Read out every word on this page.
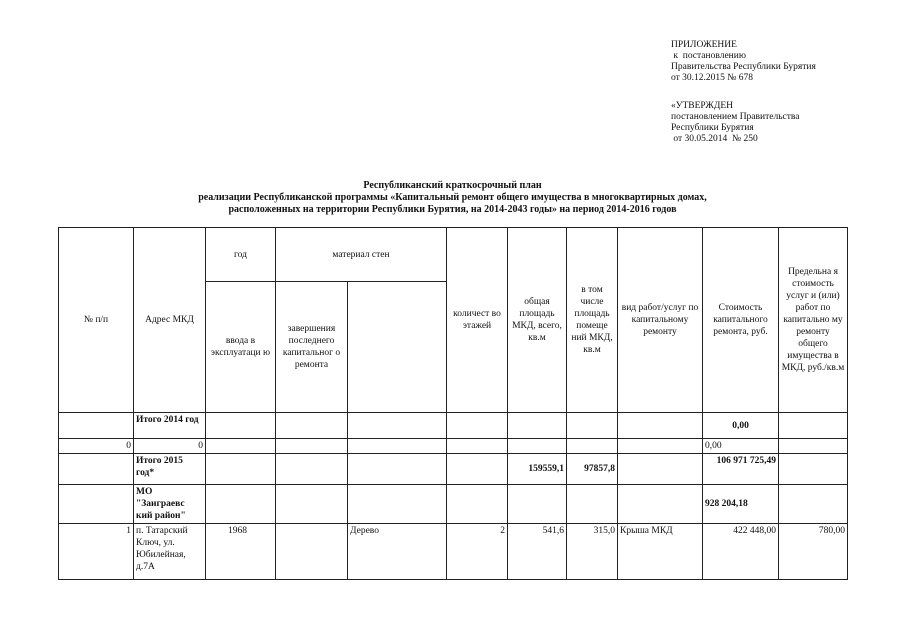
ПРИЛОЖЕНИЕ
к  постановлению
Правительства Республики Бурятия
от 30.12.2015 № 678
«УТВЕРЖДЕН
постановлением Правительства
Республики Бурятия
от 30.05.2014  № 250
Республиканский краткосрочный план
реализации Республиканской программы «Капитальный ремонт общего имущества в многоквартирных домах,
расположенных на территории Республики Бурятия, на 2014-2043 годы» на период 2014-2016 годов
№ п/п	Адрес МКД	год	материал стен		количест во этажей	общая площадь МКД, всего, кв.м	в том числе площадь помеще ний МКД, кв.м	вид работ/услуг по капитальному ремонту	Стоимость капитального ремонта, руб.	Предельна я стоимость услуг и (или) работ по капитально му ремонту общего имущества в МКД, руб./кв.м
		ввода в эксплуатаци ю	завершения последнего капитальног о ремонта							
	Итого 2014 год								0,00	
0	0								0,00	
	Итого 2015 год*					159559,1	97857,8		106 971 725,49	
	МО "Заиграевс кий район"								928 204,18	
1	п. Татарский Ключ, ул. Юбилейная, д.7А	1968		Дерево	2	541,6	315,0	Крыша МКД	422 448,00	780,00
